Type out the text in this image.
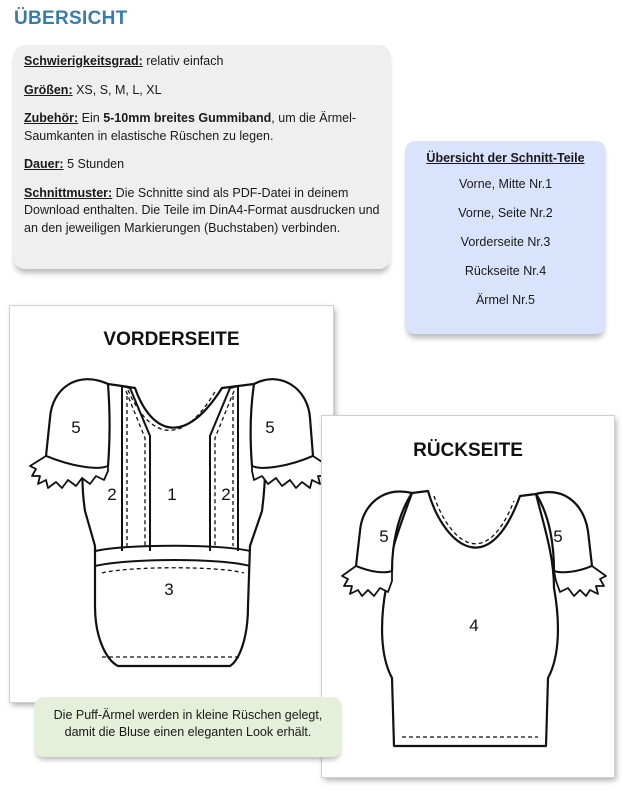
ÜBERSICHT

Schwierigkeitsgrad: relativ einfach

Größen: XS, S, M, L, XL

Zubehör: Ein 5-10mm breites Gummiband, um die Ärmel-Saumkanten in elastische Rüschen zu legen.

Dauer: 5 Stunden

Schnittmuster: Die Schnitte sind als PDF-Datei in deinem Download enthalten. Die Teile im DinA4-Format ausdrucken und an den jeweiligen Markierungen (Buchstaben) verbinden.

Übersicht der Schnitt-Teile
Vorne, Mitte Nr.1
Vorne, Seite Nr.2
Vorderseite Nr.3
Rückseite Nr.4
Ärmel Nr.5
VORDERSEITE
5	5
2	1	2
3
RÜCKSEITE
5	5
4
Die Puff-Ärmel werden in kleine Rüschen gelegt, damit die Bluse einen eleganten Look erhält.
